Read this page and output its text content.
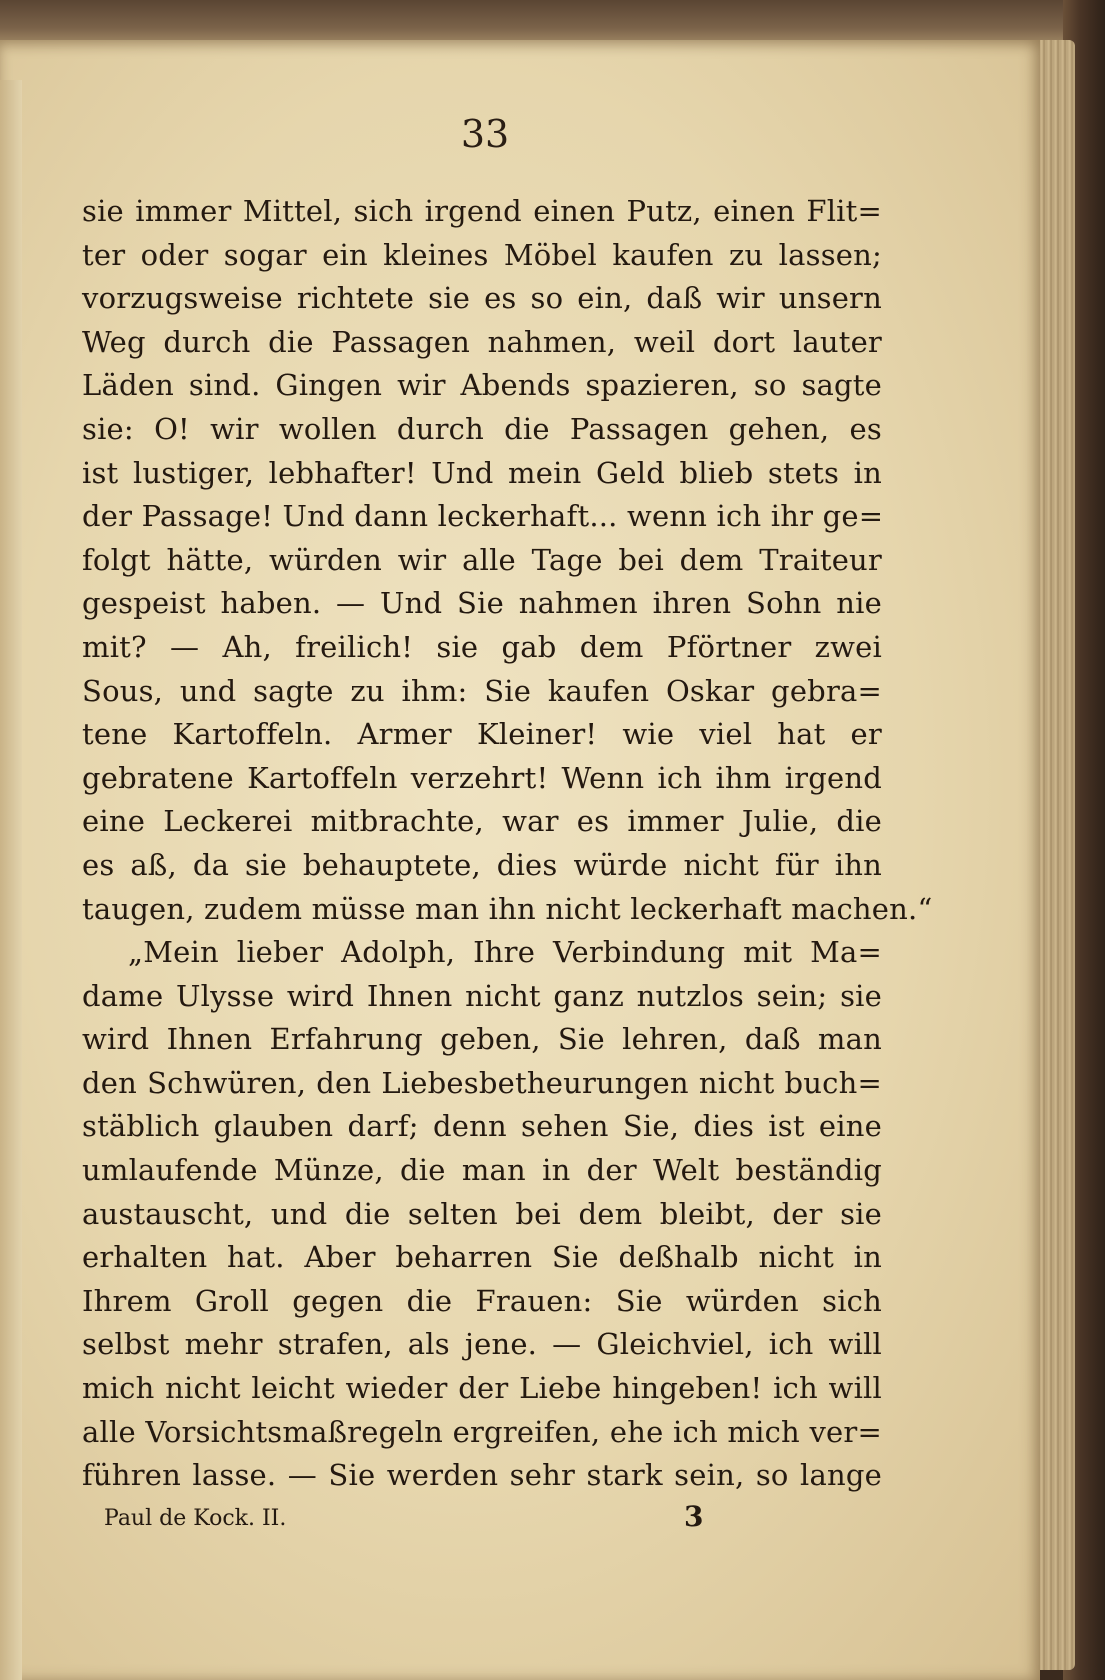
33
sie immer Mittel, sich irgend einen Putz, einen Flit=
ter oder sogar ein kleines Möbel kaufen zu lassen;
vorzugsweise richtete sie es so ein, daß wir unsern
Weg durch die Passagen nahmen, weil dort lauter
Läden sind. Gingen wir Abends spazieren, so sagte
sie: O! wir wollen durch die Passagen gehen, es
ist lustiger, lebhafter! Und mein Geld blieb stets in
der Passage! Und dann leckerhaft... wenn ich ihr ge=
folgt hätte, würden wir alle Tage bei dem Traiteur
gespeist haben. — Und Sie nahmen ihren Sohn nie
mit? — Ah, freilich! sie gab dem Pförtner zwei
Sous, und sagte zu ihm: Sie kaufen Oskar gebra=
tene Kartoffeln. Armer Kleiner! wie viel hat er
gebratene Kartoffeln verzehrt! Wenn ich ihm irgend
eine Leckerei mitbrachte, war es immer Julie, die
es aß, da sie behauptete, dies würde nicht für ihn
taugen, zudem müsse man ihn nicht leckerhaft machen.“
„Mein lieber Adolph, Ihre Verbindung mit Ma=
dame Ulysse wird Ihnen nicht ganz nutzlos sein; sie
wird Ihnen Erfahrung geben, Sie lehren, daß man
den Schwüren, den Liebesbetheurungen nicht buch=
stäblich glauben darf; denn sehen Sie, dies ist eine
umlaufende Münze, die man in der Welt beständig
austauscht, und die selten bei dem bleibt, der sie
erhalten hat. Aber beharren Sie deßhalb nicht in
Ihrem Groll gegen die Frauen: Sie würden sich
selbst mehr strafen, als jene. — Gleichviel, ich will
mich nicht leicht wieder der Liebe hingeben! ich will
alle Vorsichtsmaßregeln ergreifen, ehe ich mich ver=
führen lasse. — Sie werden sehr stark sein, so lange
Paul de Kock. II.	3
